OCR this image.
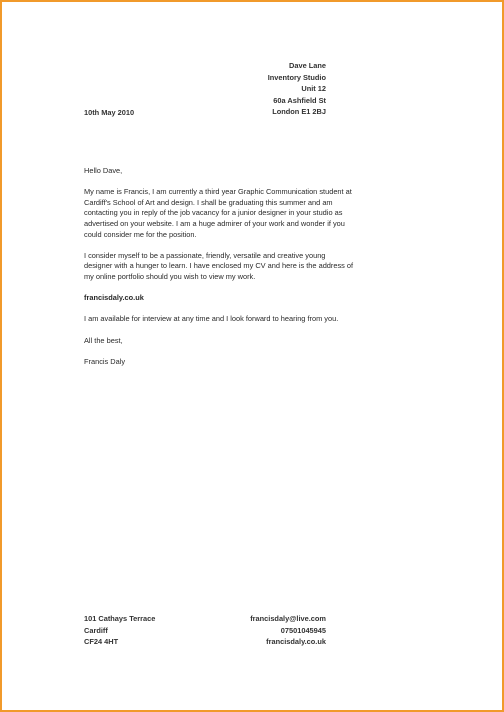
Dave Lane
Inventory Studio
Unit 12
60a Ashfield St
London E1 2BJ
10th May 2010

Hello Dave,

My name is Francis, I am currently a third year Graphic Communication student at Cardiff's School of Art and design. I shall be graduating this summer and am contacting you in reply of the job vacancy for a junior designer in your studio as advertised on your website. I am a huge admirer of your work and wonder if you could consider me for the position.

I consider myself to be a passionate, friendly, versatile and creative young designer with a hunger to learn. I have enclosed my CV and here is the address of my online portfolio should you wish to view my work.

francisdaly.co.uk

I am available for interview at any time and I look forward to hearing from you.

All the best,

Francis Daly

101 Cathays Terrace
Cardiff
CF24 4HT
francisdaly@live.com
07501045945
francisdaly.co.uk
